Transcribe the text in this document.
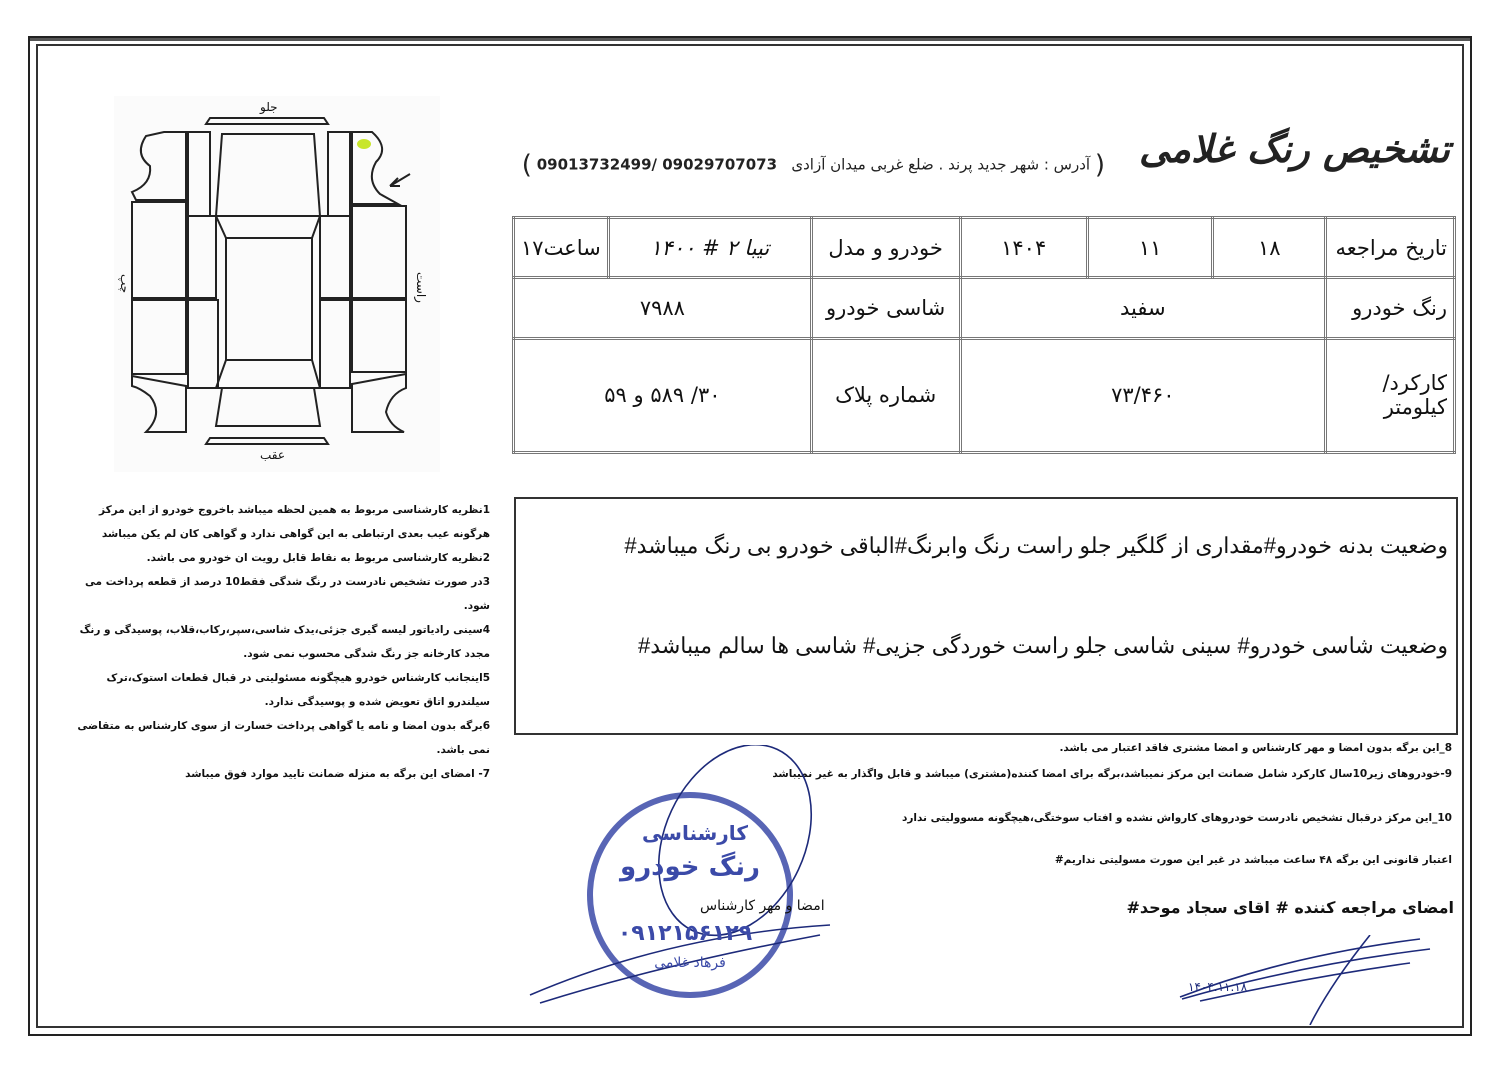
تشخیص رنگ غلامی
( آدرس : شهر جدید پرند . ضلع غربی میدان آزادی   09013732499/ 09029707073 )
تاریخ مراجعه	۱۸	۱۱	۱۴۰۴	خودرو و مدل	تیبا ۲ # ۱۴۰۰	ساعت۱۷
رنگ خودرو	سفید			شاسی خودرو	۷۹۸۸	
کارکرد/کیلومتر	۷۳/۴۶۰			شماره پلاک	۳۰/ ۵۸۹ و ۵۹	
جلو
عقب
راست
چپ
1نظریه کارشناسی مربوط به همین لحظه میباشد باخروج خودرو از این مرکز هرگونه عیب بعدی ارتباطی به این گواهی ندارد و گواهی کان لم یکن میباشد
2نظریه کارشناسی مربوط به نقاط قابل رویت ان خودرو می باشد.
3در صورت تشخیص نادرست در رنگ شدگی فقط10 درصد از قطعه پرداخت می شود.
4سینی رادیاتور لیسه گیری جزئی،یدک شاسی،سپر،رکاب،قلاب، پوسیدگی و رنگ مجدد کارخانه جز رنگ شدگی محسوب نمی شود.
5اینجانب کارشناس خودرو هیچگونه مسئولیتی در قبال قطعات استوک،ترک سیلندرو اتاق تعویض شده و پوسیدگی ندارد.
6برگه بدون امضا و نامه یا گواهی پرداخت خسارت از سوی کارشناس به متقاضی نمی باشد.
7- امضای این برگه به منزله ضمانت تایید موارد فوق میباشد
وضعیت بدنه خودرو#مقداری از گلگیر جلو راست رنگ وابرنگ#الباقی خودرو بی رنگ میباشد#
وضعیت شاسی خودرو# سینی شاسی جلو راست خوردگی جزیی# شاسی ها سالم میباشد#
8_این برگه بدون امضا و مهر کارشناس و امضا مشتری فاقد اعتبار می باشد.
9-خودروهای زیر10سال کارکرد شامل ضمانت این مرکز نمیباشد،برگه برای امضا کننده(مشتری) میباشد و قابل واگذار به غیر نمیباشد
10_این مرکز درقبال تشخیص نادرست خودروهای کارواش نشده و افتاب سوختگی،هیچگونه مسوولیتی ندارد
اعتبار قانونی این برگه ۴۸ ساعت میباشد در غیر این صورت مسولیتی نداریم#
امضای مراجعه کننده # اقای سجاد موحد#
۱۴۰۴.۱۱.۱۸
کارشناسی
رنگ خودرو
۰۹۱۲۱۵۶۱۲۹
فرهاد غلامی
امضا و مهر کارشناس
